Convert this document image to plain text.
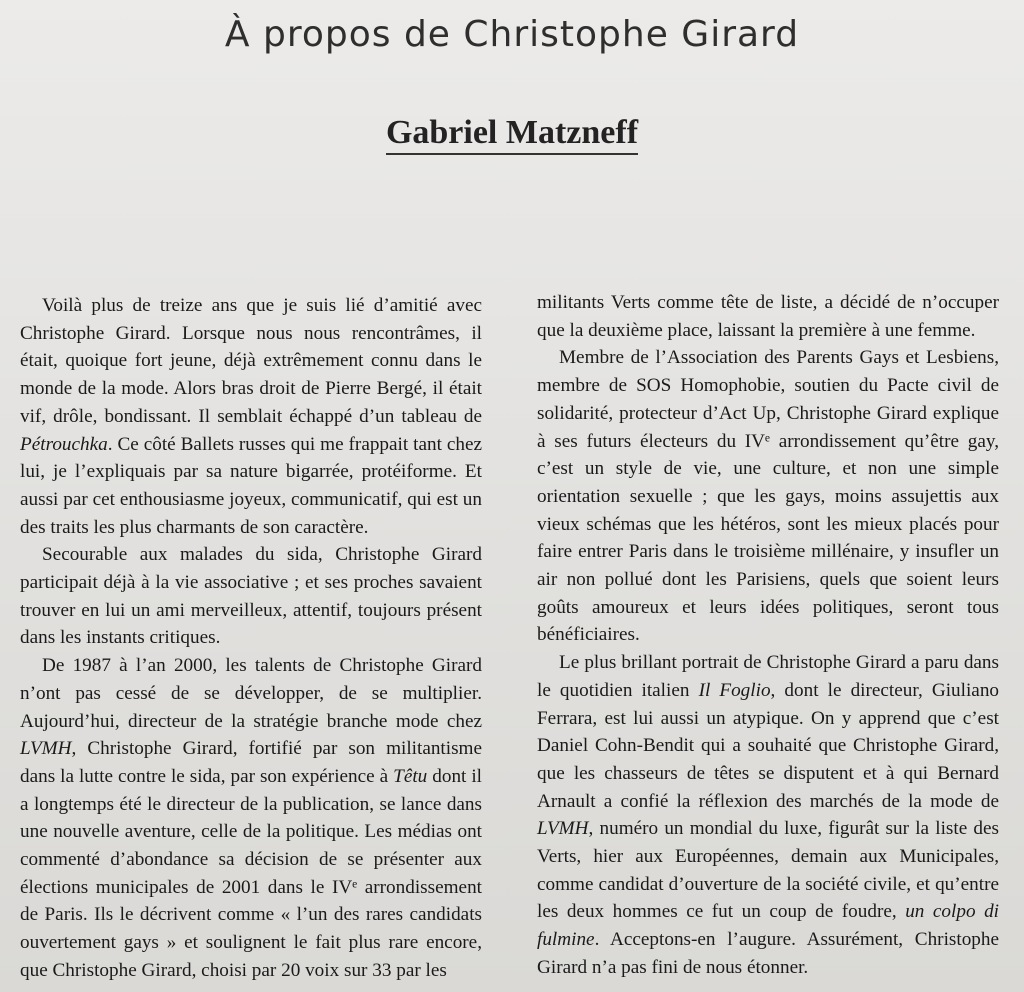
À propos de Christophe Girard
Gabriel Matzneff

Voilà plus de treize ans que je suis lié d’amitié avec Christophe Girard. Lorsque nous nous rencontrâmes, il était, quoique fort jeune, déjà extrêmement connu dans le monde de la mode. Alors bras droit de Pierre Bergé, il était vif, drôle, bondissant. Il semblait échappé d’un tableau de Pétrouchka. Ce côté Ballets russes qui me frappait tant chez lui, je l’expliquais par sa nature bigarrée, protéiforme. Et aussi par cet enthousiasme joyeux, communicatif, qui est un des traits les plus charmants de son caractère.

Secourable aux malades du sida, Christophe Girard participait déjà à la vie associative ; et ses proches savaient trouver en lui un ami merveilleux, attentif, toujours présent dans les instants critiques.

De 1987 à l’an 2000, les talents de Christophe Girard n’ont pas cessé de se développer, de se multiplier. Aujourd’hui, directeur de la stratégie branche mode chez LVMH, Christophe Girard, fortifié par son militantisme dans la lutte contre le sida, par son expérience à Têtu dont il a longtemps été le directeur de la publication, se lance dans une nouvelle aventure, celle de la politique. Les médias ont commenté d’abondance sa décision de se présenter aux élections municipales de 2001 dans le IVᵉ arrondissement de Paris. Ils le décrivent comme « l’un des rares candidats ouvertement gays » et soulignent le fait plus rare encore, que Christophe Girard, choisi par 20 voix sur 33 par les

militants Verts comme tête de liste, a décidé de n’occuper que la deuxième place, laissant la première à une femme.

Membre de l’Association des Parents Gays et Lesbiens, membre de SOS Homophobie, soutien du Pacte civil de solidarité, protecteur d’Act Up, Christophe Girard explique à ses futurs électeurs du IVᵉ arrondissement qu’être gay, c’est un style de vie, une culture, et non une simple orientation sexuelle ; que les gays, moins assujettis aux vieux schémas que les hétéros, sont les mieux placés pour faire entrer Paris dans le troisième millénaire, y insufler un air non pollué dont les Parisiens, quels que soient leurs goûts amoureux et leurs idées politiques, seront tous bénéficiaires.

Le plus brillant portrait de Christophe Girard a paru dans le quotidien italien Il Foglio, dont le directeur, Giuliano Ferrara, est lui aussi un atypique. On y apprend que c’est Daniel Cohn-Bendit qui a souhaité que Christophe Girard, que les chasseurs de têtes se disputent et à qui Bernard Arnault a confié la réflexion des marchés de la mode de LVMH, numéro un mondial du luxe, figurât sur la liste des Verts, hier aux Européennes, demain aux Municipales, comme candidat d’ouverture de la société civile, et qu’entre les deux hommes ce fut un coup de foudre, un colpo di fulmine. Acceptons-en l’augure. Assurément, Christophe Girard n’a pas fini de nous étonner.
